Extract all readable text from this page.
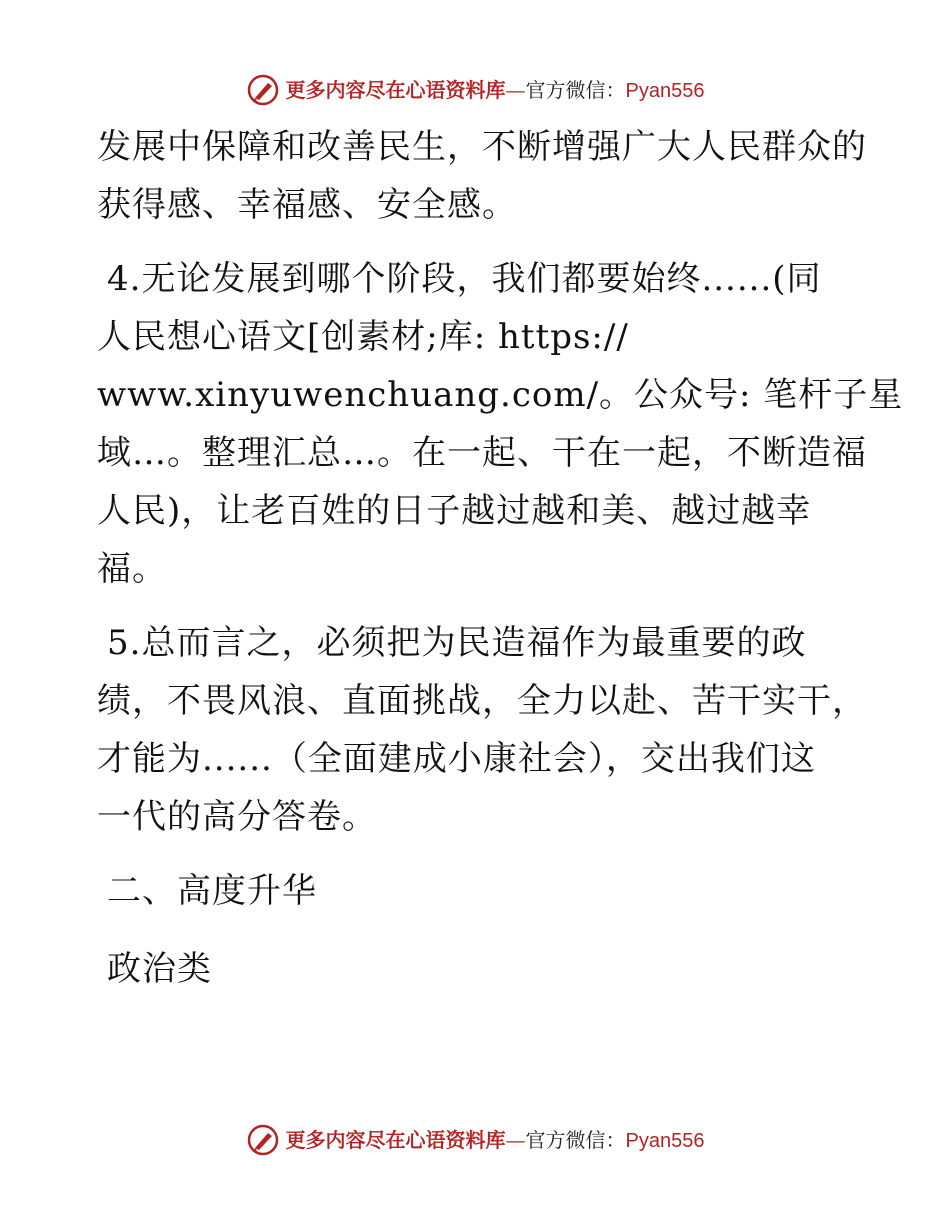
更多内容尽在心语资料库 — 官方微信： Pyan556

发展中保障和改善民生，不断增强广大人民群众的
获得感、幸福感、安全感。

4.无论发展到哪个阶段，我们都要始终......(同
人民想心语文[创素材;库: https://
www.xinyuwenchuang.com/。公众号: 笔杆子星
域…。整理汇总…。在一起、干在一起，不断造福
人民)，让老百姓的日子越过越和美、越过越幸
福。

5.总而言之，必须把为民造福作为最重要的政
绩，不畏风浪、直面挑战，全力以赴、苦干实干，
才能为......（全面建成小康社会），交出我们这
一代的高分答卷。

二、高度升华
政治类
更多内容尽在心语资料库 — 官方微信： Pyan556
